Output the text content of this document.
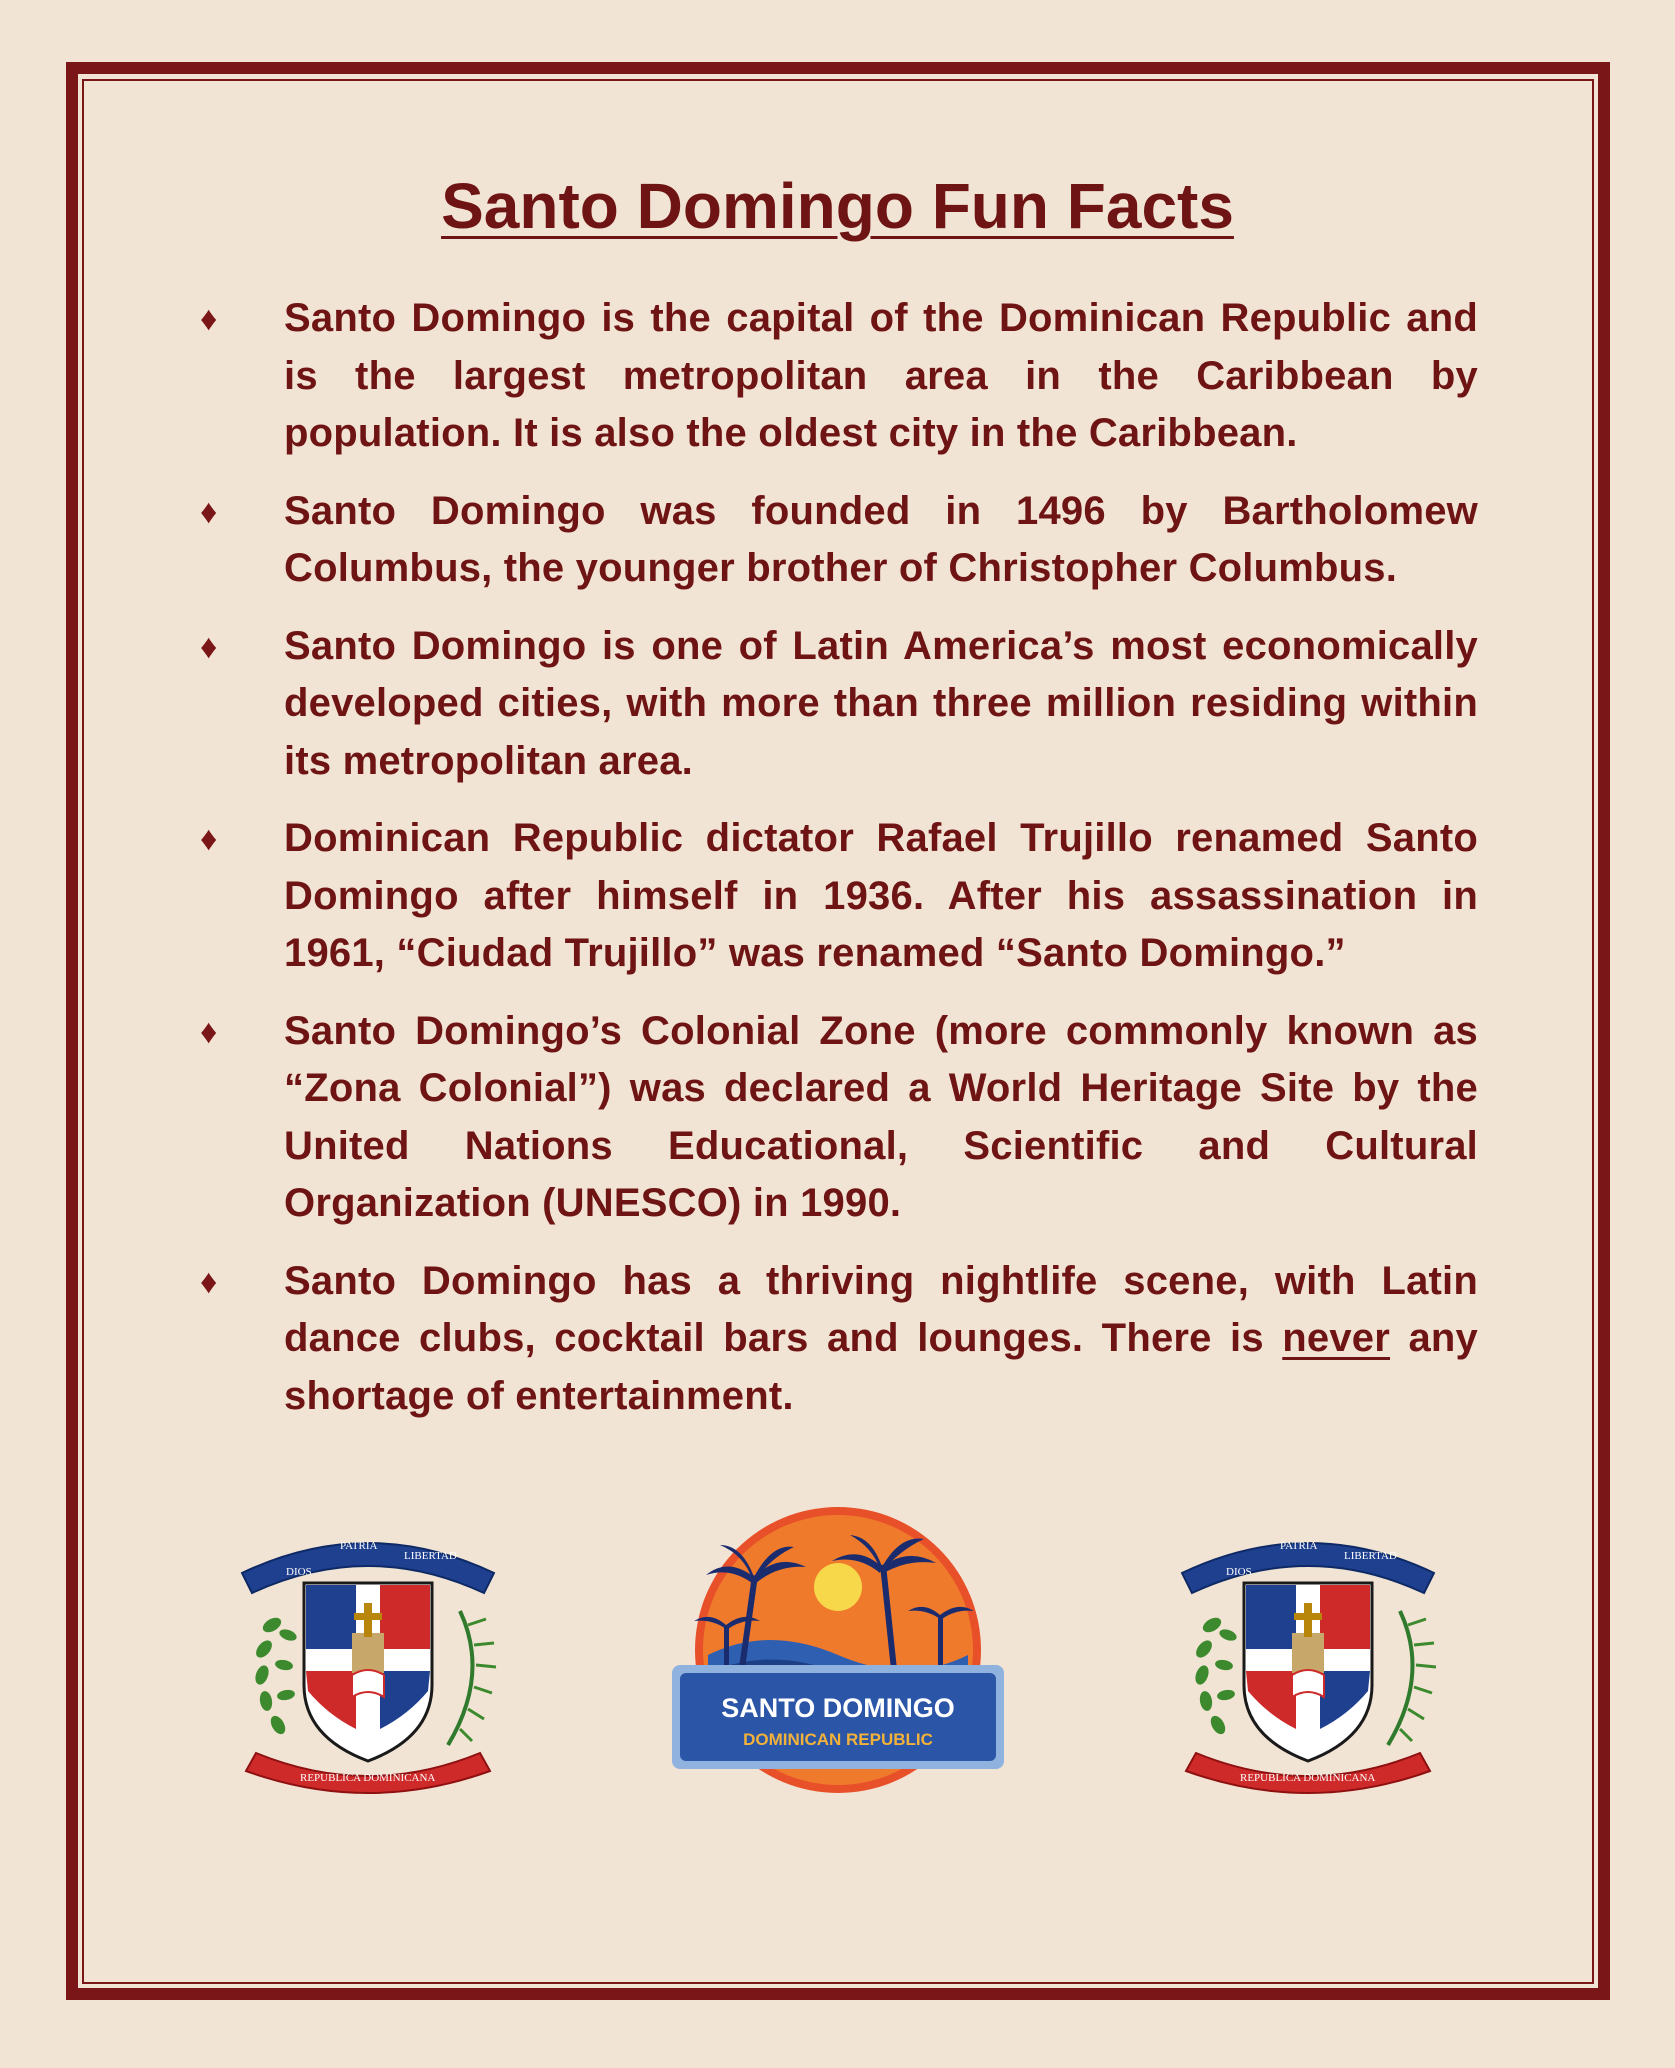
Santo Domingo Fun Facts
♦ Santo Domingo is the capital of the Dominican Republic and is the largest metropolitan area in the Caribbean by population. It is also the oldest city in the Caribbean.
♦ Santo Domingo was founded in 1496 by Bartholomew Columbus, the younger brother of Christopher Columbus.
♦ Santo Domingo is one of Latin America’s most economically developed cities, with more than three million residing within its metropolitan area.
♦ Dominican Republic dictator Rafael Trujillo renamed Santo Domingo after himself in 1936. After his assassination in 1961, “Ciudad Trujillo” was renamed “Santo Domingo.”
♦ Santo Domingo’s Colonial Zone (more commonly known as “Zona Colonial”) was declared a World Heritage Site by the United Nations Educational, Scientific and Cultural Organization (UNESCO) in 1990.
♦ Santo Domingo has a thriving nightlife scene, with Latin dance clubs, cocktail bars and lounges. There is never any shortage of entertainment.
DIOS
PATRIA
LIBERTAD
REPUBLICA DOMINICANA
SANTO DOMINGO
DOMINICAN REPUBLIC
DIOS
PATRIA
LIBERTAD
REPUBLICA DOMINICANA
